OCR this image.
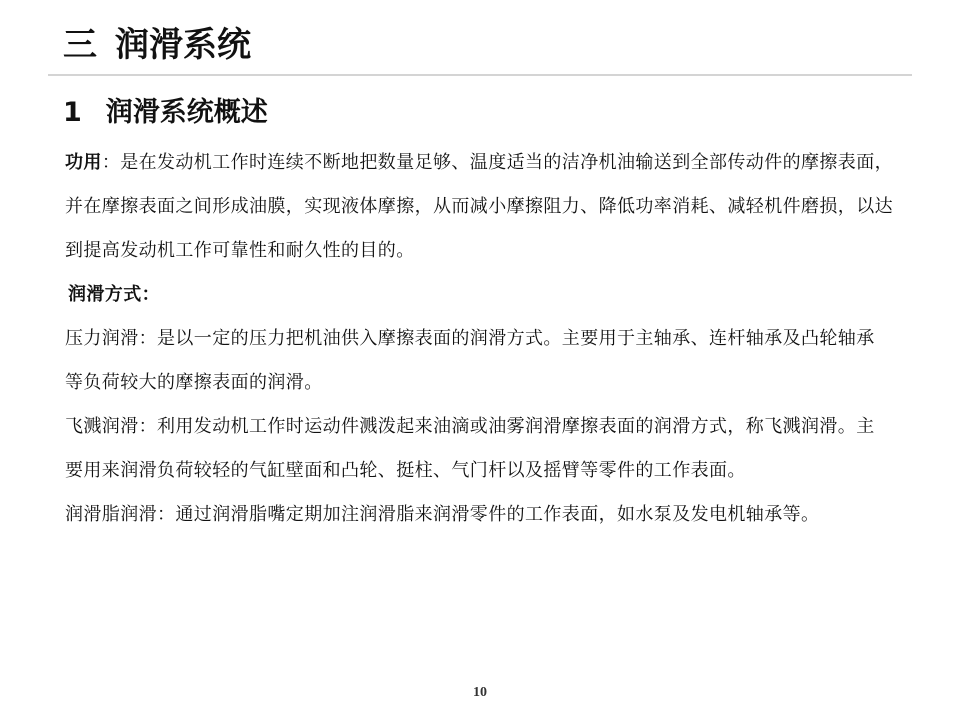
三 润滑系统
1 润滑系统概述
功用：是在发动机工作时连续不断地把数量足够、温度适当的洁净机油输送到全部传动件的摩擦表面，
并在摩擦表面之间形成油膜，实现液体摩擦，从而减小摩擦阻力、降低功率消耗、减轻机件磨损，以达
到提高发动机工作可靠性和耐久性的目的。
润滑方式：
压力润滑：是以一定的压力把机油供入摩擦表面的润滑方式。主要用于主轴承、连杆轴承及凸轮轴承
等负荷较大的摩擦表面的润滑。
飞溅润滑：利用发动机工作时运动件溅泼起来油滴或油雾润滑摩擦表面的润滑方式，称飞溅润滑。主
要用来润滑负荷较轻的气缸壁面和凸轮、挺柱、气门杆以及摇臂等零件的工作表面。
润滑脂润滑：通过润滑脂嘴定期加注润滑脂来润滑零件的工作表面，如水泵及发电机轴承等。
10
